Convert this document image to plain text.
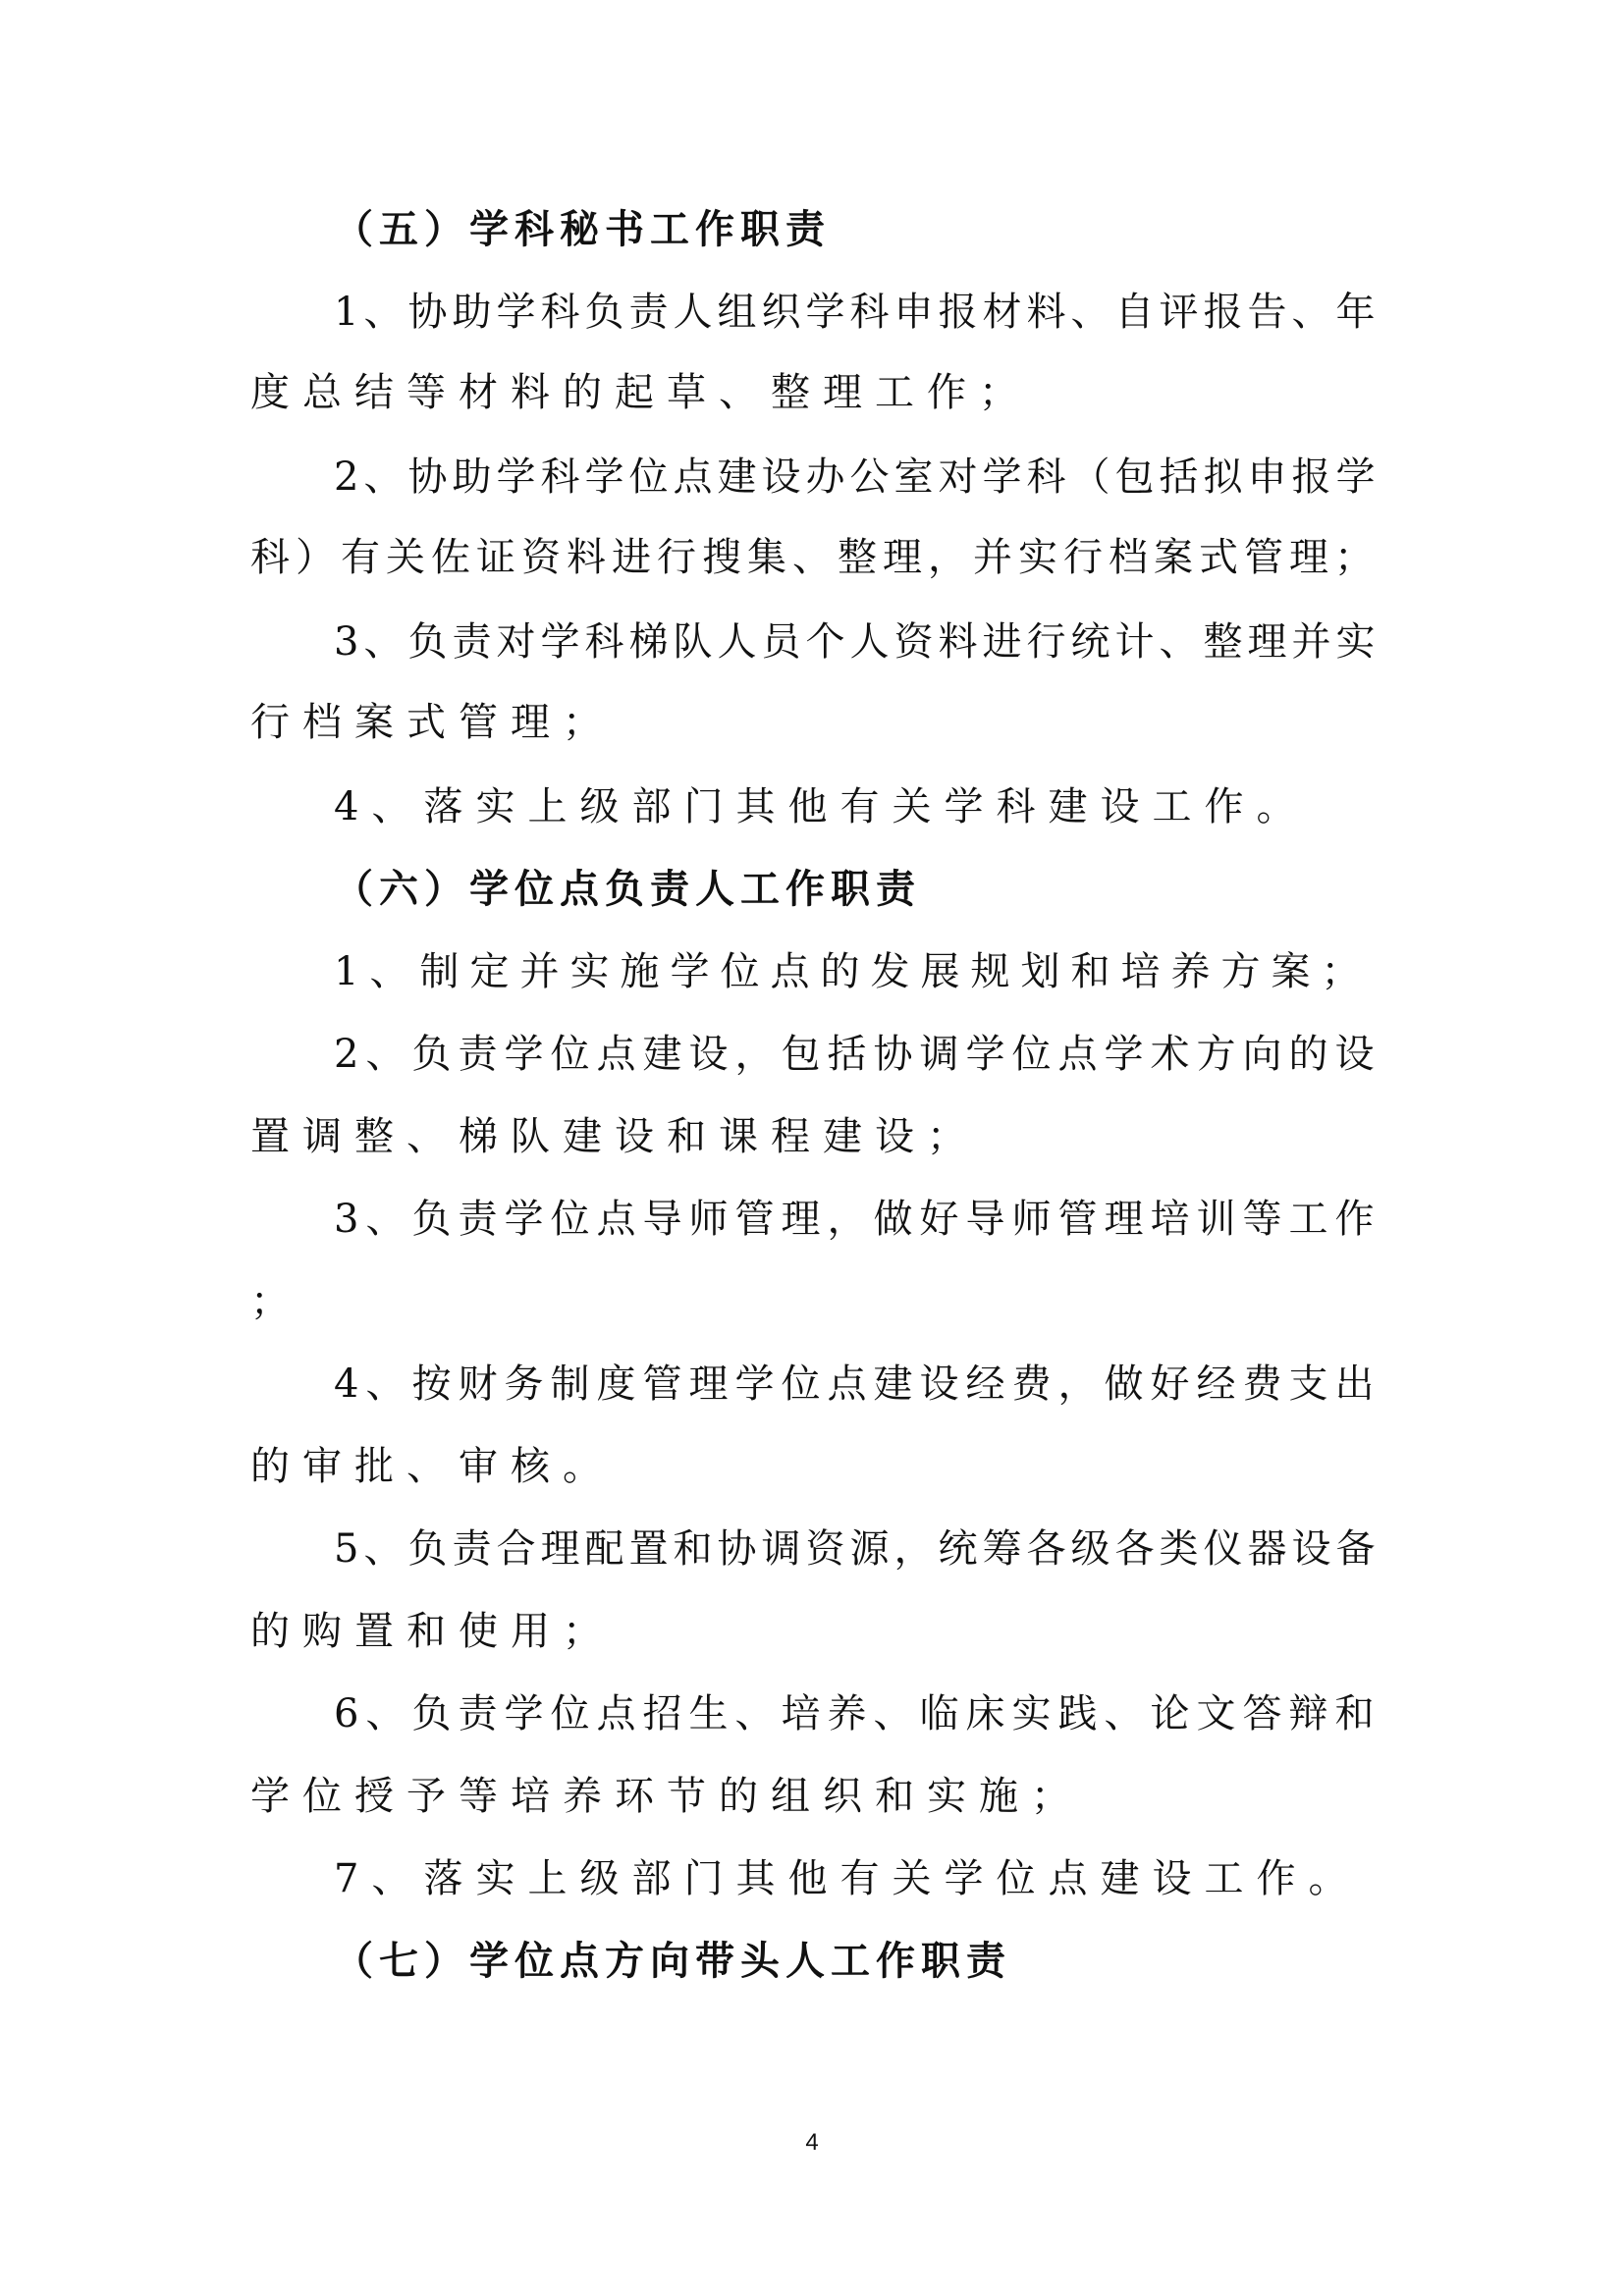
（五）学科秘书工作职责
1、协助学科负责人组织学科申报材料、自评报告、年
度总结等材料的起草、整理工作；
2、协助学科学位点建设办公室对学科（包括拟申报学
科）有关佐证资料进行搜集、整理，并实行档案式管理；
3、负责对学科梯队人员个人资料进行统计、整理并实
行档案式管理；
4、落实上级部门其他有关学科建设工作。
（六）学位点负责人工作职责
1、制定并实施学位点的发展规划和培养方案；
2、负责学位点建设，包括协调学位点学术方向的设
置调整、梯队建设和课程建设；
3、负责学位点导师管理，做好导师管理培训等工作
；
4、按财务制度管理学位点建设经费，做好经费支出
的审批、审核。
5、负责合理配置和协调资源，统筹各级各类仪器设备
的购置和使用；
6、负责学位点招生、培养、临床实践、论文答辩和
学位授予等培养环节的组织和实施；
7、落实上级部门其他有关学位点建设工作。
（七）学位点方向带头人工作职责
4
